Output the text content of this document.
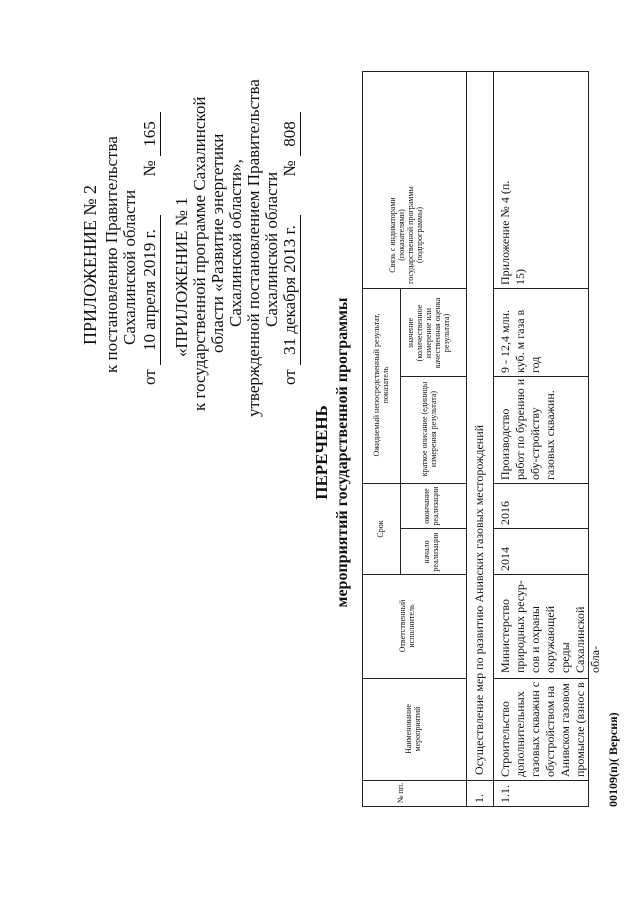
ПРИЛОЖЕНИЕ № 2 к постановлению Правительства Сахалинской области
от 10 апреля 2019 г.  № 165
«ПРИЛОЖЕНИЕ № 1 к государственной программе Сахалинской области «Развитие энергетики Сахалинской области», утвержденной постановлением Правительства Сахалинской области
от 31 декабря 2013 г.  № 808
ПЕРЕЧЕНЬ мероприятий государственной программы
№ пп.
Наименование мероприятий
Ответственный исполнитель
Срок
начало реализации
окончание реализации
Ожидаемый непосредственный результат, показатель	краткое описание (единицы измерения результата)
значение (количественное измерение или качественная оценка результата)
Связь с индикаторами (показателями) государственной программы (подпрограммы)
1.
Осуществление мер по развитию Анивских газовых месторождений
1.1.
Строительство дополнительных газовых скважин с обустройством на Анивском газовом промысле (взнос в
Министерство природных ресур-сов и охраны окружающей среды Сахалинской обла-
2014
2016
Производство работ по бурению и обу-стройству газовых скважин.
9 - 12,4 млн. куб. м газа в год
Приложение № 4 (п. 15)
00109(п)( Версия)
